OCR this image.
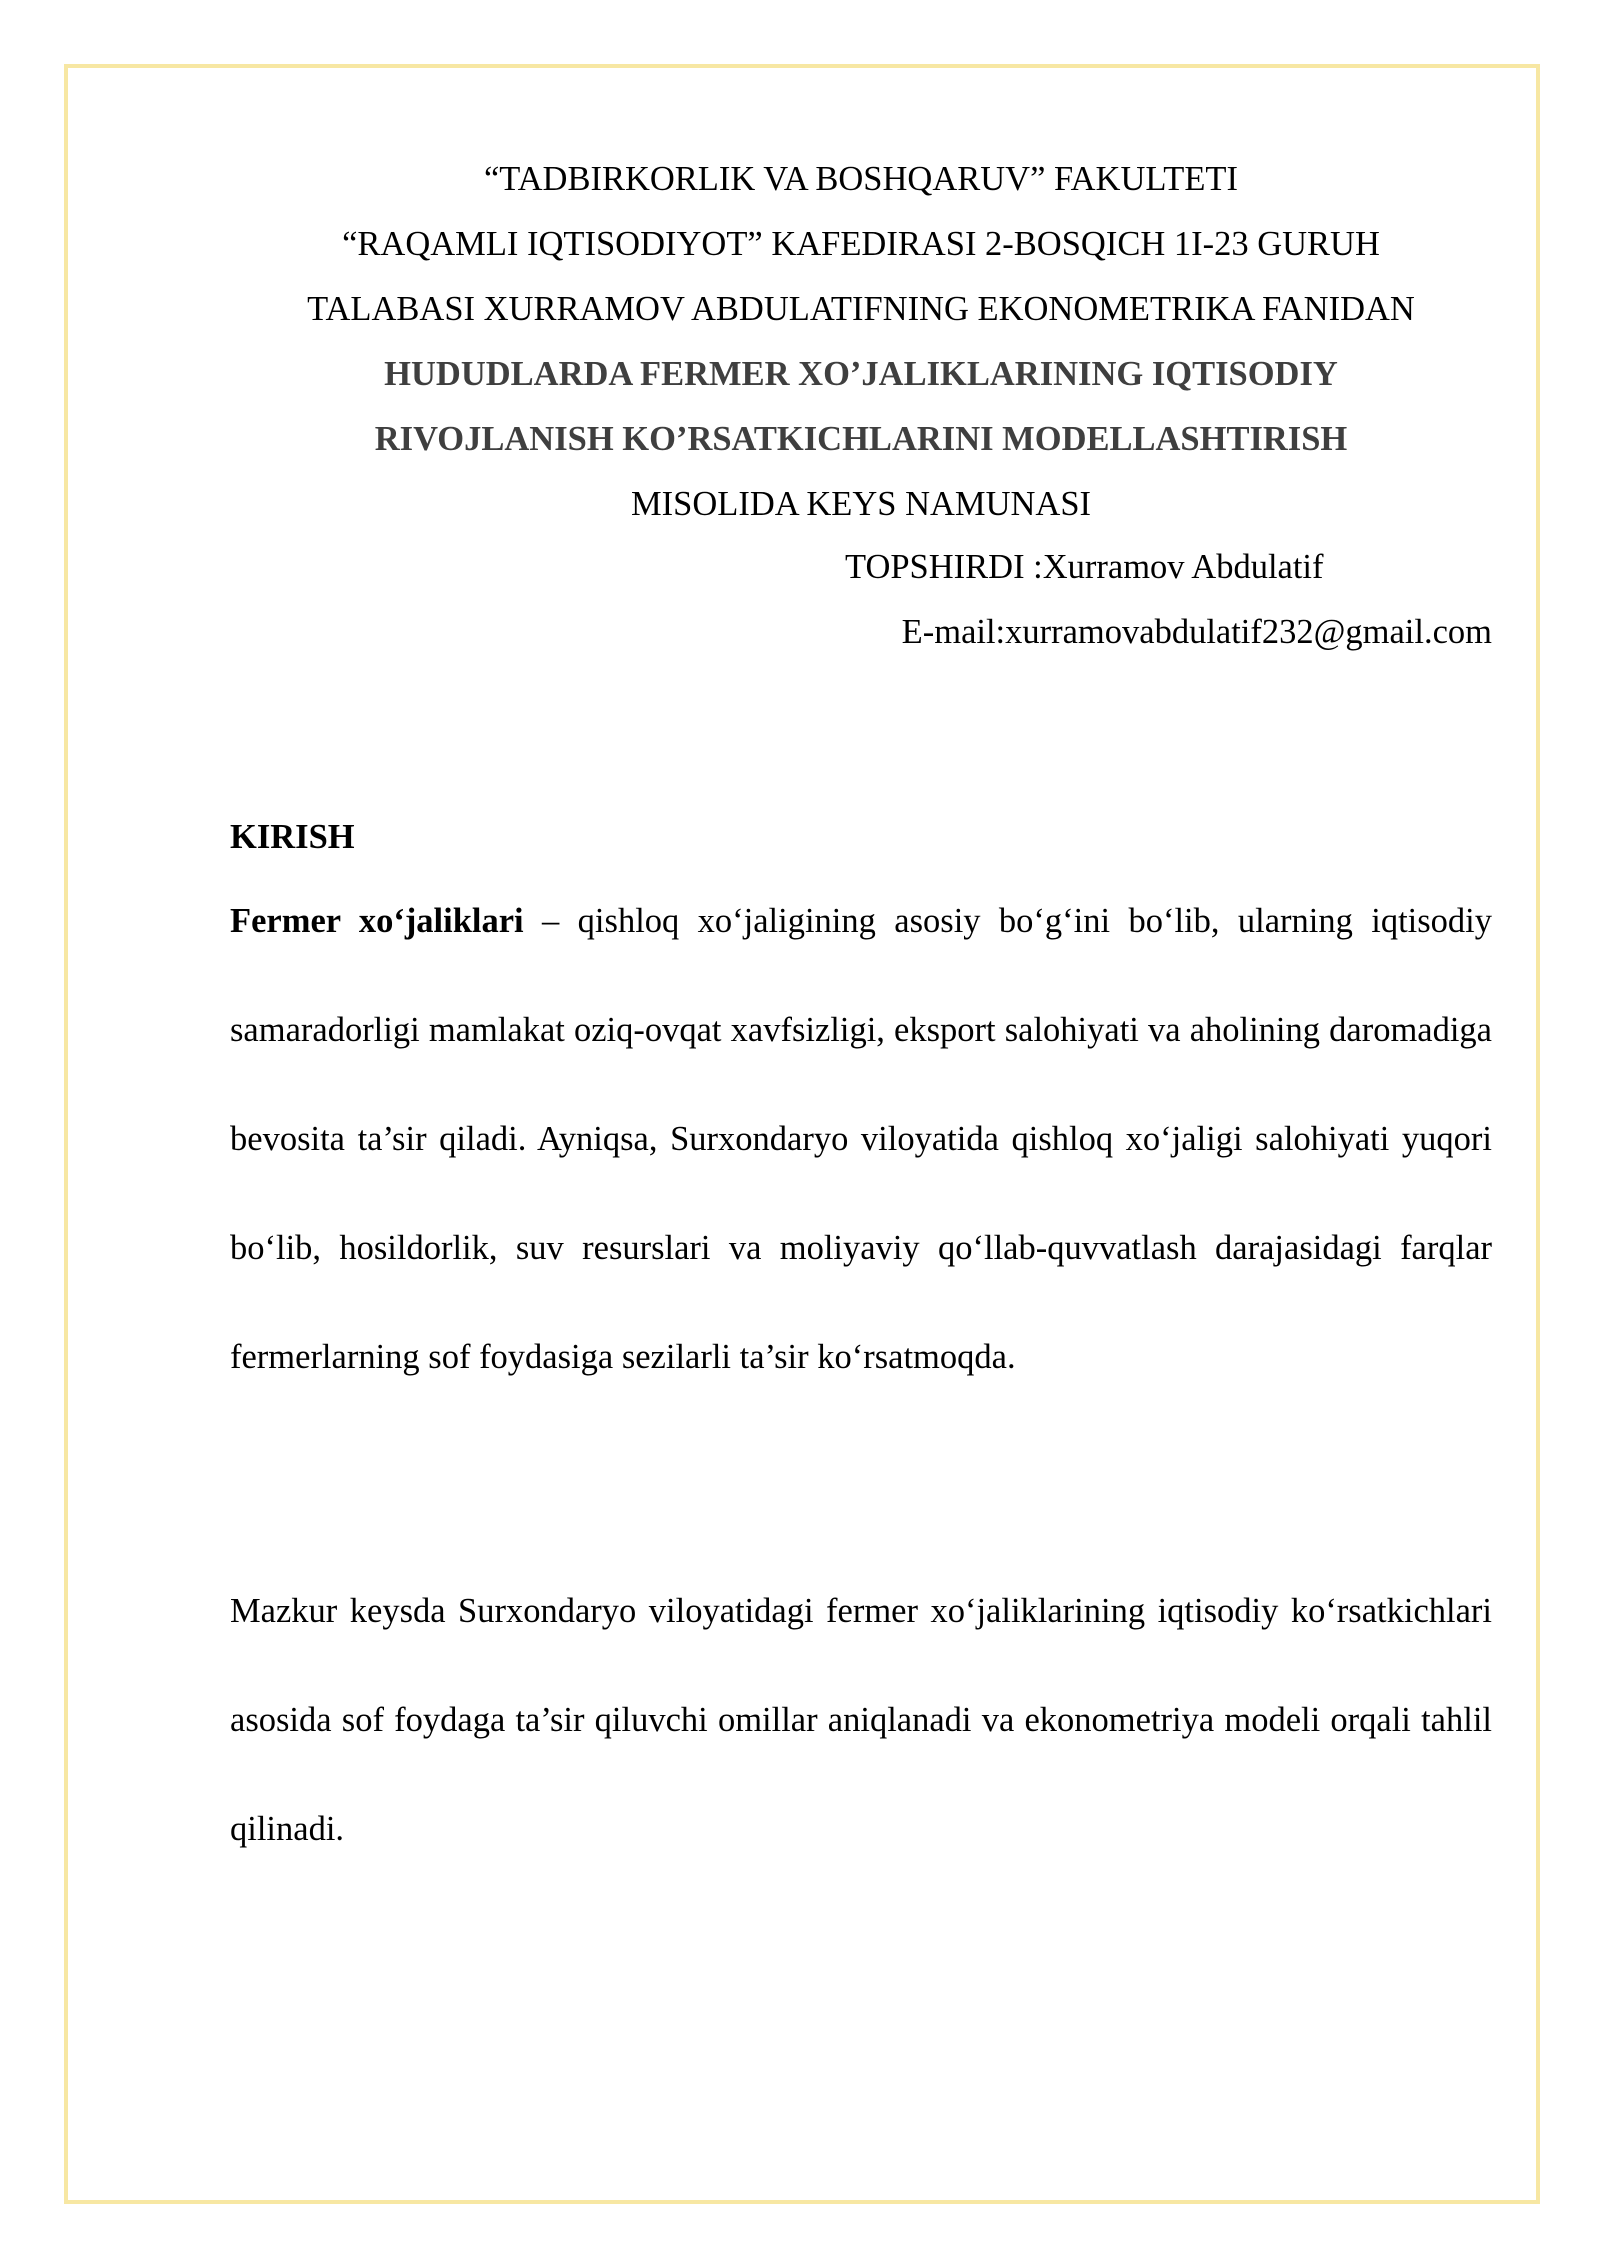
“TADBIRKORLIK VA BOSHQARUV” FAKULTETI
“RAQAMLI IQTISODIYOT” KAFEDIRASI 2-BOSQICH 1I-23 GURUH
TALABASI XURRAMOV ABDULATIFNING EKONOMETRIKA FANIDAN
HUDUDLARDA FERMER XO’JALIKLARINING IQTISODIY
RIVOJLANISH KO’RSATKICHLARINI MODELLASHTIRISH
MISOLIDA KEYS NAMUNASI
TOPSHIRDI :Xurramov Abdulatif
E-mail:xurramovabdulatif232@gmail.com
KIRISH

Fermer xo‘jaliklari – qishloq xo‘jaligining asosiy bo‘g‘ini bo‘lib, ularning iqtisodiy samaradorligi mamlakat oziq-ovqat xavfsizligi, eksport salohiyati va aholining daromadiga bevosita ta’sir qiladi. Ayniqsa, Surxondaryo viloyatida qishloq xo‘jaligi salohiyati yuqori bo‘lib, hosildorlik, suv resurslari va moliyaviy qo‘llab-quvvatlash darajasidagi farqlar fermerlarning sof foydasiga sezilarli ta’sir ko‘rsatmoqda.

Mazkur keysda Surxondaryo viloyatidagi fermer xo‘jaliklarining iqtisodiy ko‘rsatkichlari asosida sof foydaga ta’sir qiluvchi omillar aniqlanadi va ekonometriya modeli orqali tahlil qilinadi.
